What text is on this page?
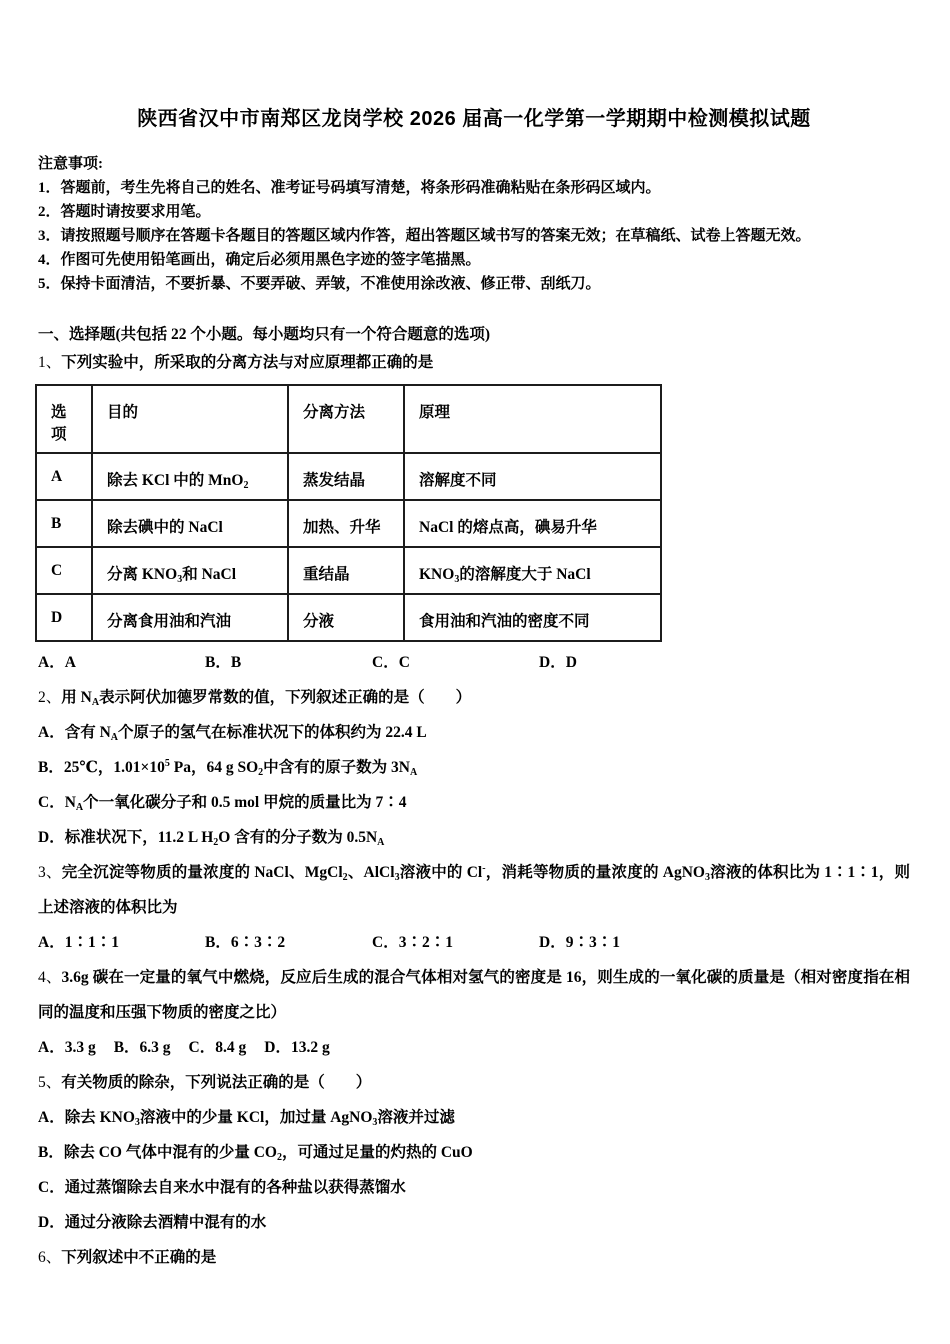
陕西省汉中市南郑区龙岗学校 2026 届高一化学第一学期期中检测模拟试题
注意事项:
1．答题前，考生先将自己的姓名、准考证号码填写清楚，将条形码准确粘贴在条形码区域内。
2．答题时请按要求用笔。
3．请按照题号顺序在答题卡各题目的答题区域内作答，超出答题区域书写的答案无效；在草稿纸、试卷上答题无效。
4．作图可先使用铅笔画出，确定后必须用黑色字迹的签字笔描黑。
5．保持卡面清洁，不要折暴、不要弄破、弄皱，不准使用涂改液、修正带、刮纸刀。
一、选择题(共包括 22 个小题。每小题均只有一个符合题意的选项)
1、下列实验中，所采取的分离方法与对应原理都正确的是
选项	目的	分离方法	原理
A	除去 KCl 中的 MnO$_2$	蒸发结晶	溶解度不同
B	除去碘中的 NaCl	加热、升华	NaCl 的熔点高，碘易升华
C	分离 $KNO_3$和 NaCl	重结晶	$KNO_3$的溶解度大于 NaCl
D	分离食用油和汽油	分液	食用油和汽油的密度不同
A．A	B．B	C．C	D．D
2、用 $N_A$表示阿伏加德罗常数的值，下列叙述正确的是（　　）
A．含有 $N_A$个原子的氢气在标准状况下的体积约为 22.4 L
B．25℃，$1.01\times 10^5$ Pa，64 g $SO_2$中含有的原子数为 $3N_A$
C．$N_A$个一氧化碳分子和 0.5 mol 甲烷的质量比为 7∶4
D．标准状况下，11.2 L $H_2O$ 含有的分子数为 $0.5N_A$
3、完全沉淀等物质的量浓度的 NaCl、MgCl$_2$、AlCl$_3$溶液中的 Cl-，消耗等物质的量浓度的 AgNO$_3$溶液的体积比为 1∶1∶1，则上述溶液的体积比为
A．1∶1∶1	B．6∶3∶2	C．3∶2∶1	D．9∶3∶1
4、3.6g 碳在一定量的氧气中燃烧，反应后生成的混合气体相对氢气的密度是 16，则生成的一氧化碳的质量是（相对密度指在相同的温度和压强下物质的密度之比）
A．3.3 g B．6.3 g C．8.4 g D．13.2 g
5、有关物质的除杂，下列说法正确的是（　　）
A．除去 $KNO_3$溶液中的少量 KCl，加过量 AgNO$_3$溶液并过滤
B．除去 CO 气体中混有的少量 $CO_2$，可通过足量的灼热的 CuO
C．通过蒸馏除去自来水中混有的各种盐以获得蒸馏水
D．通过分液除去酒精中混有的水
6、下列叙述中不正确的是
